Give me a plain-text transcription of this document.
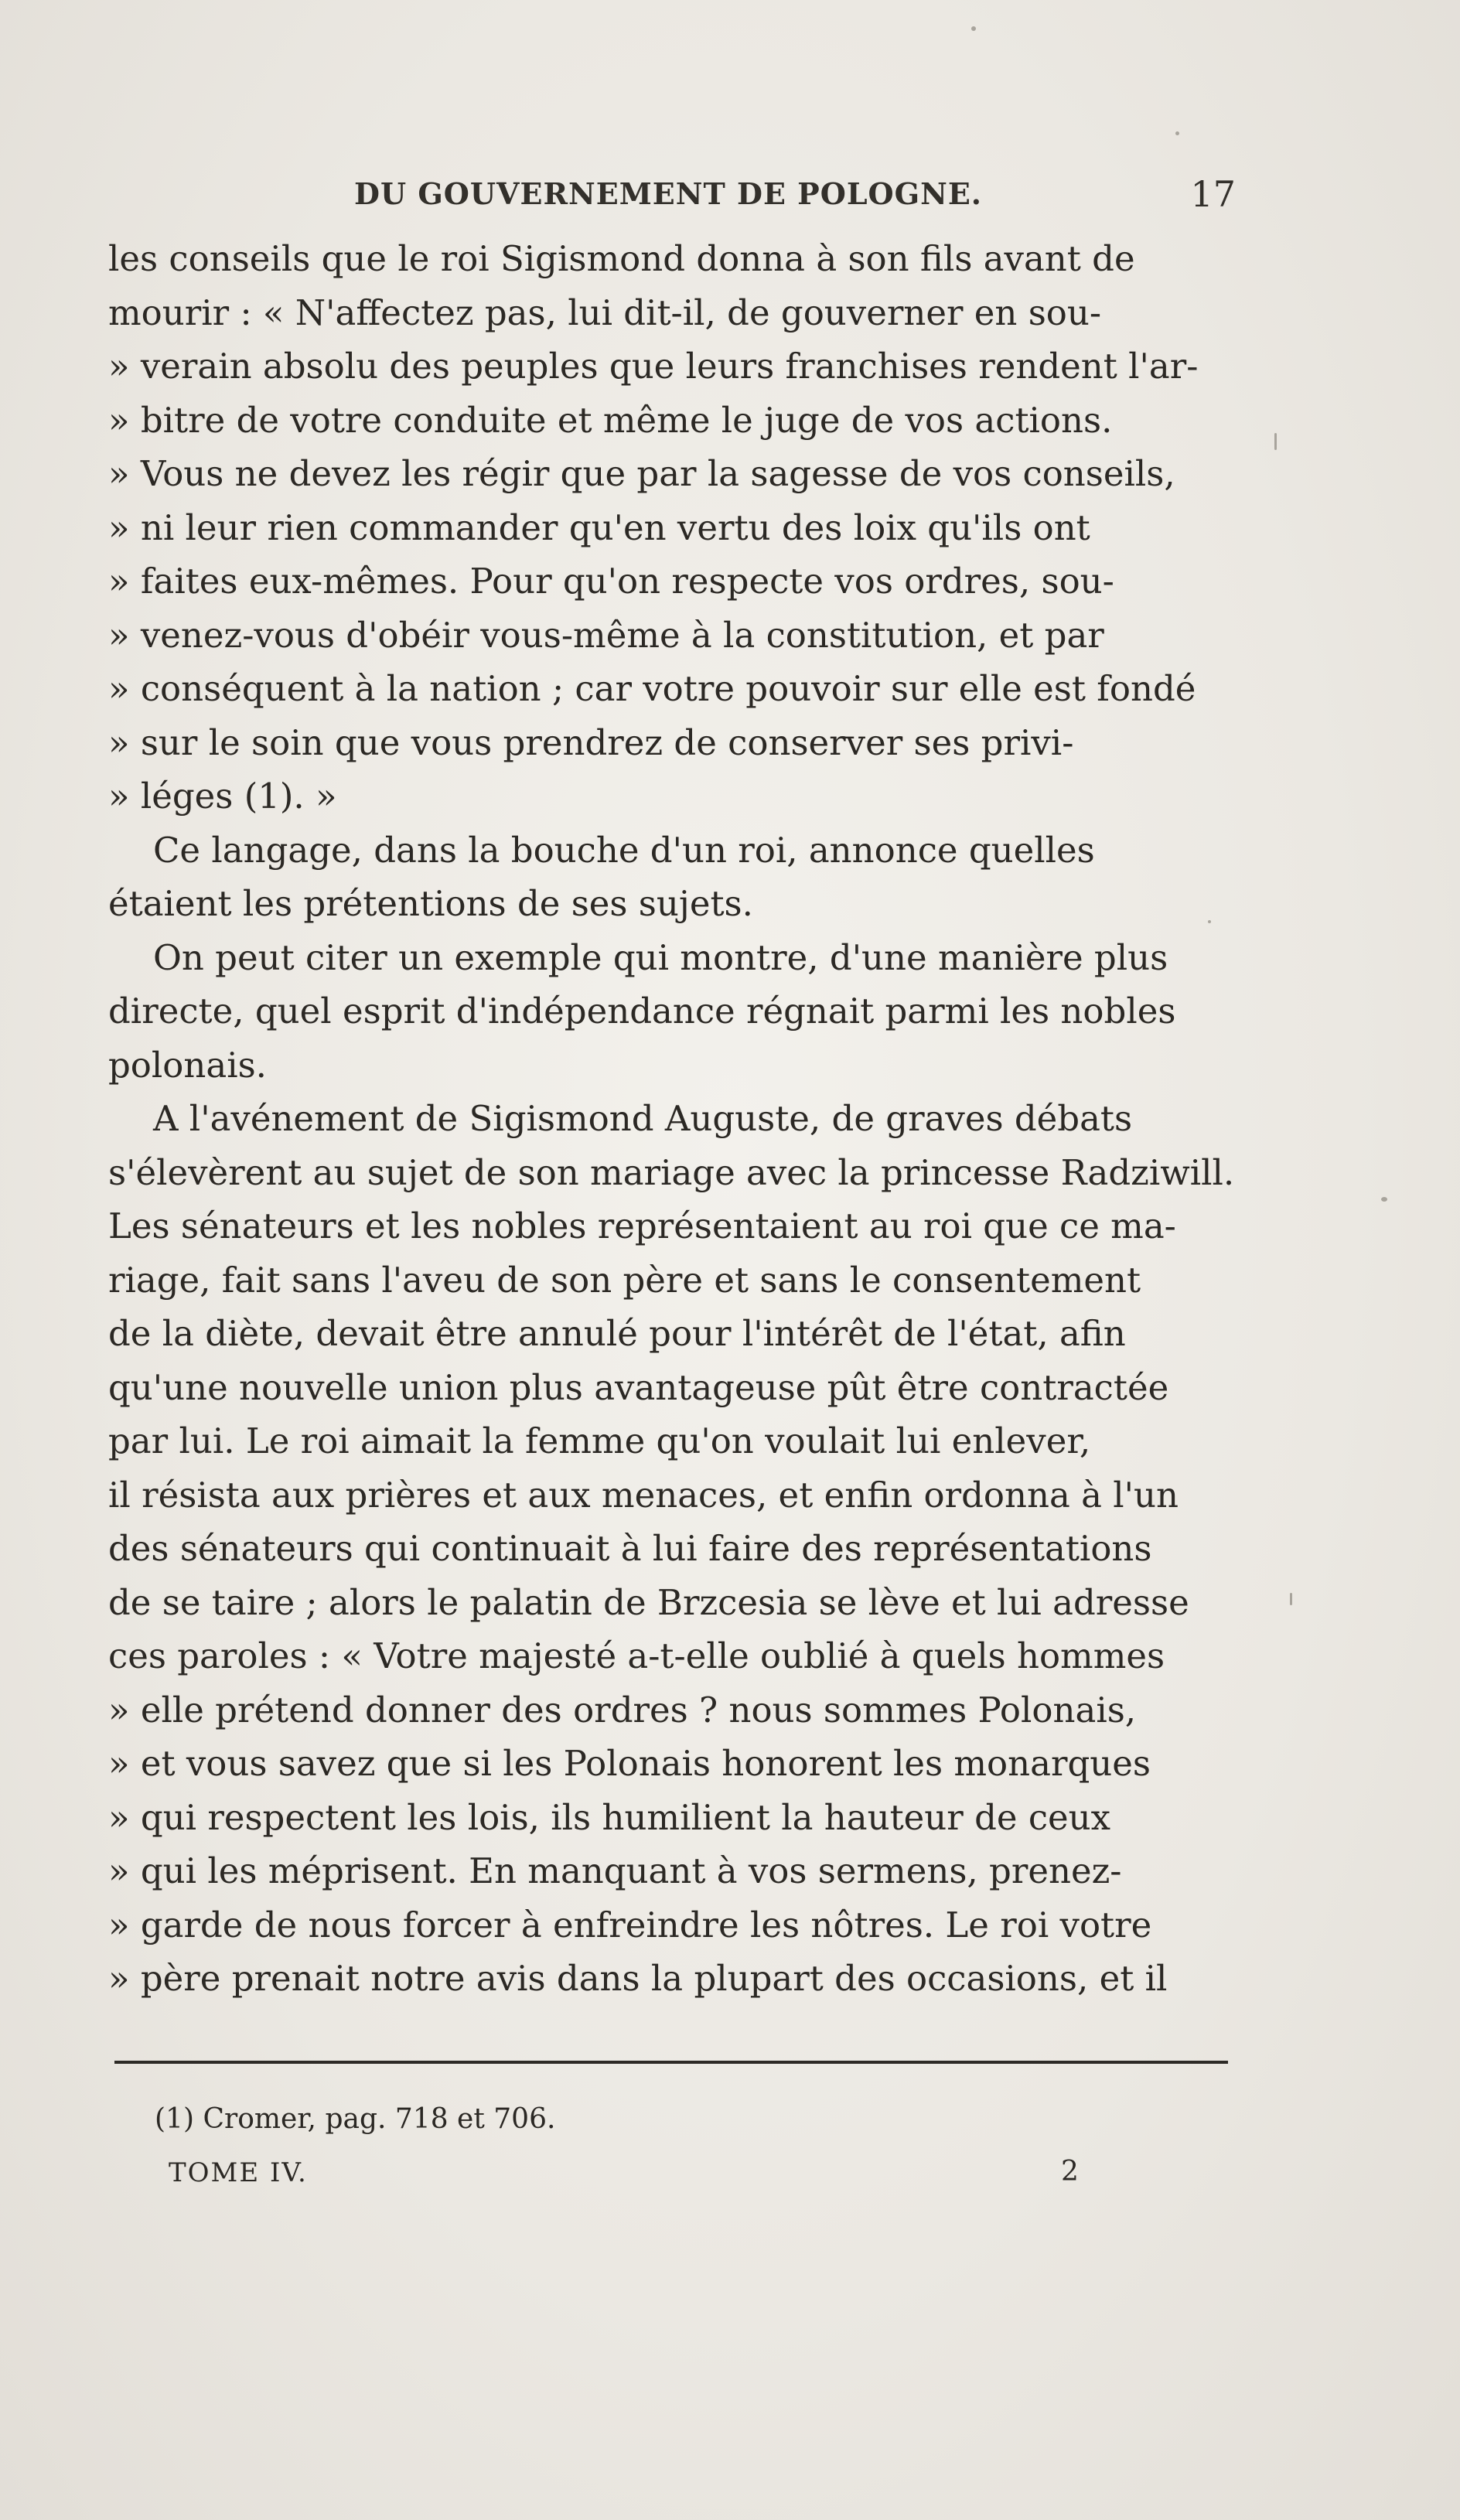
DU GOUVERNEMENT DE POLOGNE.	17
les conseils que le roi Sigismond donna à son fils avant de
mourir : « N'affectez pas, lui dit-il, de gouverner en sou-
» verain absolu des peuples que leurs franchises rendent l'ar-
» bitre de votre conduite et même le juge de vos actions.
» Vous ne devez les régir que par la sagesse de vos conseils,
» ni leur rien commander qu'en vertu des loix qu'ils ont
» faites eux-mêmes. Pour qu'on respecte vos ordres, sou-
» venez-vous d'obéir vous-même à la constitution, et par
» conséquent à la nation ; car votre pouvoir sur elle est fondé
» sur le soin que vous prendrez de conserver ses privi-
» léges (1). »
Ce langage, dans la bouche d'un roi, annonce quelles
étaient les prétentions de ses sujets.
On peut citer un exemple qui montre, d'une manière plus
directe, quel esprit d'indépendance régnait parmi les nobles
polonais.
A l'avénement de Sigismond Auguste, de graves débats
s'élevèrent au sujet de son mariage avec la princesse Radziwill.
Les sénateurs et les nobles représentaient au roi que ce ma-
riage, fait sans l'aveu de son père et sans le consentement
de la diète, devait être annulé pour l'intérêt de l'état, afin
qu'une nouvelle union plus avantageuse pût être contractée
par lui. Le roi aimait la femme qu'on voulait lui enlever,
il résista aux prières et aux menaces, et enfin ordonna à l'un
des sénateurs qui continuait à lui faire des représentations
de se taire ; alors le palatin de Brzcesia se lève et lui adresse
ces paroles : « Votre majesté a-t-elle oublié à quels hommes
» elle prétend donner des ordres ? nous sommes Polonais,
» et vous savez que si les Polonais honorent les monarques
» qui respectent les lois, ils humilient la hauteur de ceux
» qui les méprisent. En manquant à vos sermens, prenez-
» garde de nous forcer à enfreindre les nôtres. Le roi votre
» père prenait notre avis dans la plupart des occasions, et il
(1) Cromer, pag. 718 et 706.
TOME IV.	2
